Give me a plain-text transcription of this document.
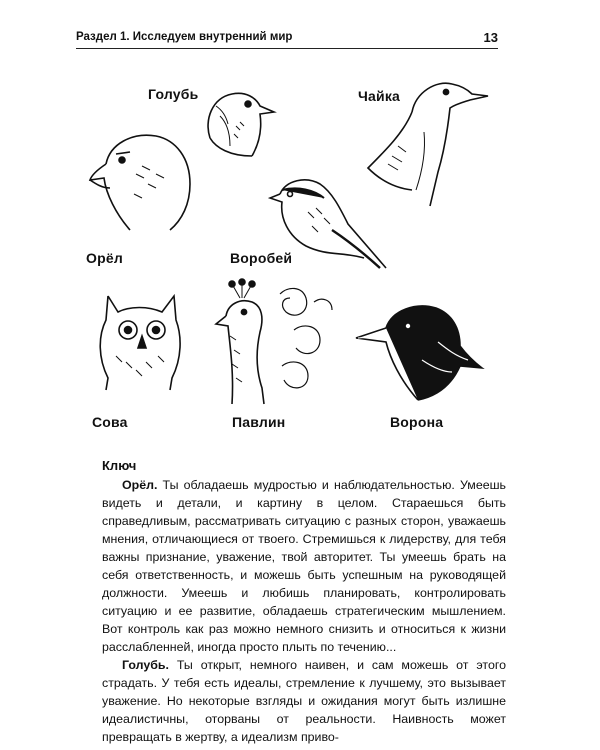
Раздел 1. Исследуем внутренний мир	13
Голубь	Чайка
Орёл	Воробей
Сова	Павлин	Ворона
Ключ

Орёл. Ты обладаешь мудростью и наблюдательностью. Умеешь видеть и детали, и картину в целом. Стараешься быть справедливым, рассматривать ситуацию с разных сторон, уважаешь мнения, отличающиеся от твоего. Стремишься к лидерству, для тебя важны признание, уважение, твой авторитет. Ты умеешь брать на себя ответственность, и можешь быть успешным на руководящей должности. Умеешь и любишь планировать, контролировать ситуацию и ее развитие, обладаешь стратегическим мышлением. Вот контроль как раз можно немного снизить и относиться к жизни расслабленней, иногда просто плыть по течению...

Голубь. Ты открыт, немного наивен, и сам можешь от этого страдать. У тебя есть идеалы, стремление к лучшему, это вызывает уважение. Но некоторые взгляды и ожидания могут быть излишне идеалистичны, оторваны от реальности. Наивность может превращать в жертву, а идеализм приво-
